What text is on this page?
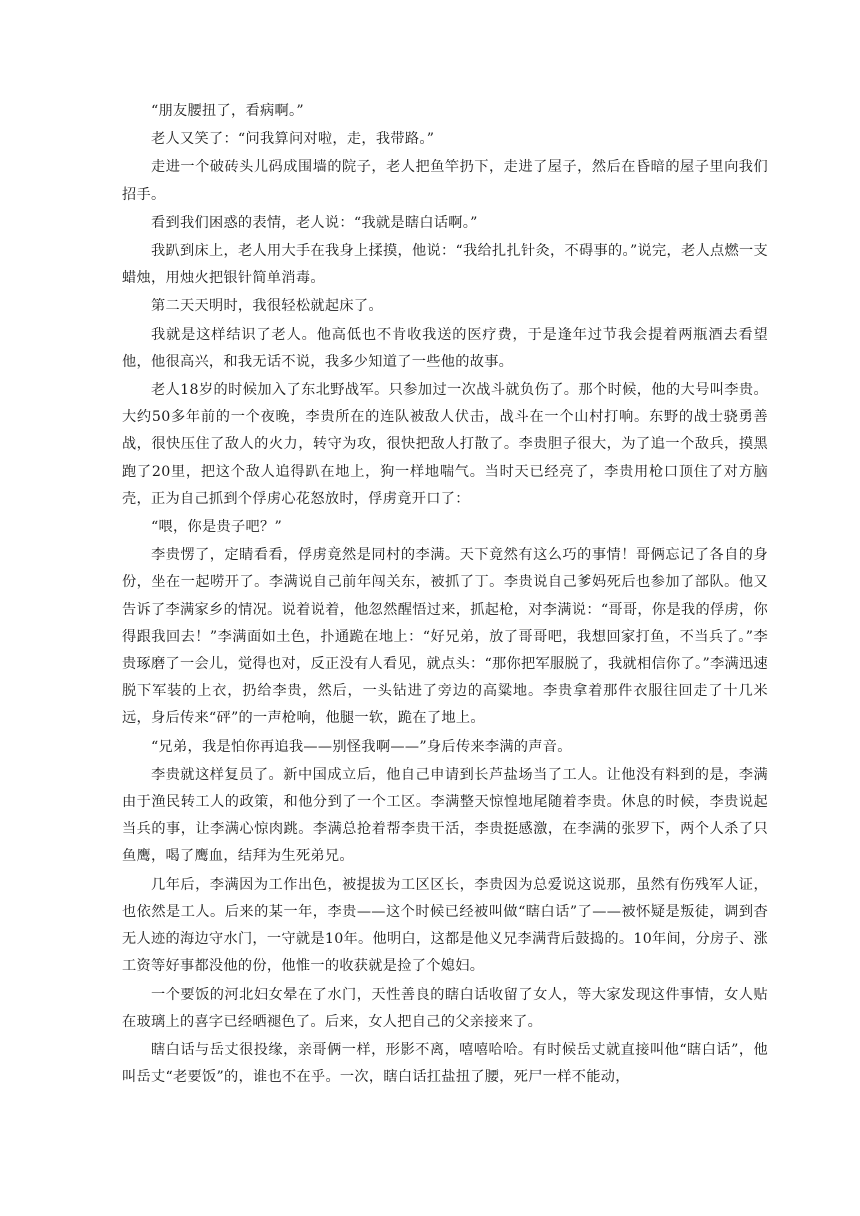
“朋友腰扭了，看病啊。”

老人又笑了：“问我算问对啦，走，我带路。”

走进一个破砖头儿码成围墙的院子，老人把鱼竿扔下，走进了屋子，然后在昏暗的屋子里向我们招手。

看到我们困惑的表情，老人说：“我就是瞎白话啊。”

我趴到床上，老人用大手在我身上揉摸，他说：“我给扎扎针灸，不碍事的。”说完，老人点燃一支蜡烛，用烛火把银针简单消毒。

第二天天明时，我很轻松就起床了。

我就是这样结识了老人。他高低也不肯收我送的医疗费，于是逢年过节我会提着两瓶酒去看望他，他很高兴，和我无话不说，我多少知道了一些他的故事。

老人18岁的时候加入了东北野战军。只参加过一次战斗就负伤了。那个时候，他的大号叫李贵。大约50多年前的一个夜晚，李贵所在的连队被敌人伏击，战斗在一个山村打响。东野的战士骁勇善战，很快压住了敌人的火力，转守为攻，很快把敌人打散了。李贵胆子很大，为了追一个敌兵，摸黑跑了20里，把这个敌人追得趴在地上，狗一样地喘气。当时天已经亮了，李贵用枪口顶住了对方脑壳，正为自己抓到个俘虏心花怒放时，俘虏竟开口了：

“喂，你是贵子吧？”

李贵愣了，定睛看看，俘虏竟然是同村的李满。天下竟然有这么巧的事情！哥俩忘记了各自的身份，坐在一起唠开了。李满说自己前年闯关东，被抓了丁。李贵说自己爹妈死后也参加了部队。他又告诉了李满家乡的情况。说着说着，他忽然醒悟过来，抓起枪，对李满说：“哥哥，你是我的俘虏，你得跟我回去！”李满面如土色，扑通跪在地上：“好兄弟，放了哥哥吧，我想回家打鱼，不当兵了。”李贵琢磨了一会儿，觉得也对，反正没有人看见，就点头：“那你把军服脱了，我就相信你了。”李满迅速脱下军装的上衣，扔给李贵，然后，一头钻进了旁边的高粱地。李贵拿着那件衣服往回走了十几米远，身后传来“砰”的一声枪响，他腿一软，跪在了地上。

“兄弟，我是怕你再追我——别怪我啊——”身后传来李满的声音。

李贵就这样复员了。新中国成立后，他自己申请到长芦盐场当了工人。让他没有料到的是，李满由于渔民转工人的政策，和他分到了一个工区。李满整天惊惶地尾随着李贵。休息的时候，李贵说起当兵的事，让李满心惊肉跳。李满总抢着帮李贵干活，李贵挺感激，在李满的张罗下，两个人杀了只鱼鹰，喝了鹰血，结拜为生死弟兄。

几年后，李满因为工作出色，被提拔为工区区长，李贵因为总爱说这说那，虽然有伤残军人证，也依然是工人。后来的某一年，李贵——这个时候已经被叫做“瞎白话”了——被怀疑是叛徒，调到杳无人迹的海边守水门，一守就是10年。他明白，这都是他义兄李满背后鼓捣的。10年间，分房子、涨工资等好事都没他的份，他惟一的收获就是捡了个媳妇。

一个要饭的河北妇女晕在了水门，天性善良的瞎白话收留了女人，等大家发现这件事情，女人贴在玻璃上的喜字已经晒褪色了。后来，女人把自己的父亲接来了。

瞎白话与岳丈很投缘，亲哥俩一样，形影不离，嘻嘻哈哈。有时候岳丈就直接叫他“瞎白话”，他叫岳丈“老要饭”的，谁也不在乎。一次，瞎白话扛盐扭了腰，死尸一样不能动，
